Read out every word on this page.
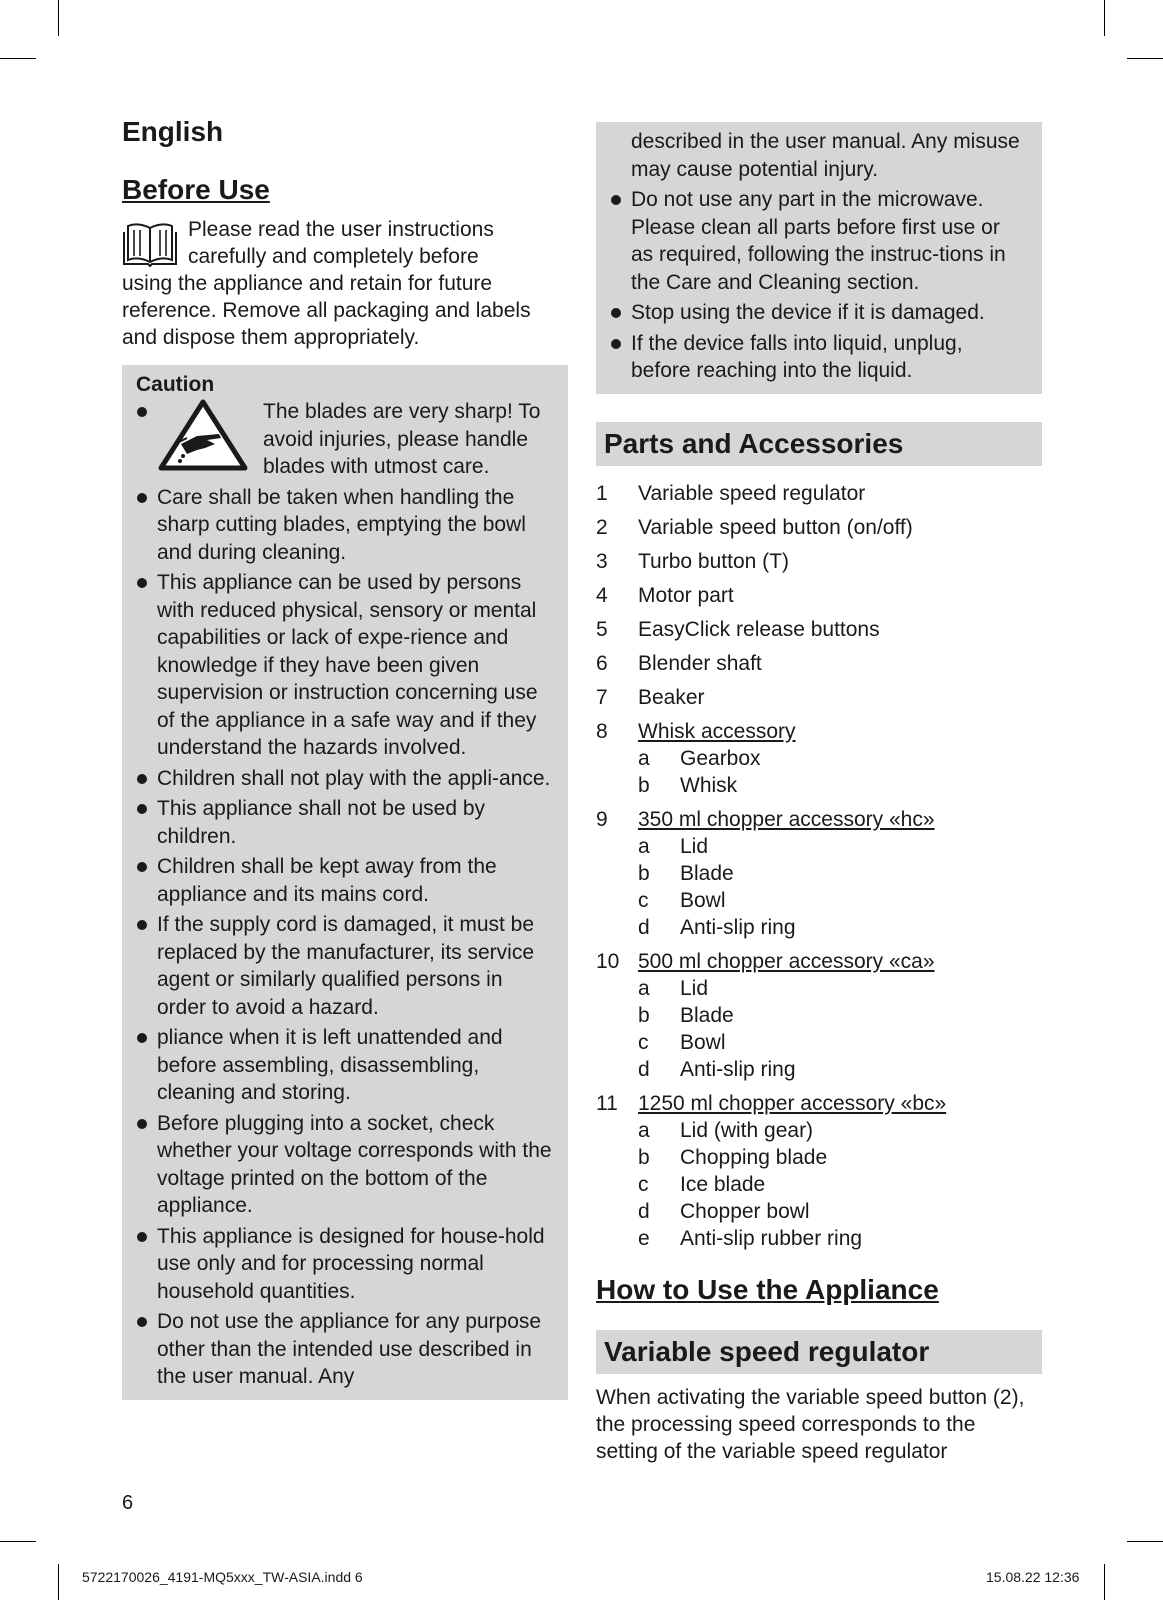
English
Before Use
Please read the user instructions carefully and completely before
using the appliance and retain for future reference. Remove all packaging and labels and dispose them appropriately.
Caution
The blades are very sharp! To avoid injuries, please handle blades with utmost care.
Care shall be taken when handling the sharp cutting blades, emptying the bowl and during cleaning.
This appliance can be used by persons with reduced physical, sensory or mental capabilities or lack of expe-rience and knowledge if they have been given supervision or instruction concerning use of the appliance in a safe way and if they understand the hazards involved.
Children shall not play with the appli-ance.
This appliance shall not be used by children.
Children shall be kept away from the appliance and its mains cord.
If the supply cord is damaged, it must be replaced by the manufacturer, its service agent or similarly qualified persons in order to avoid a hazard.
pliance when it is left unattended and before assembling, disassembling, cleaning and storing.
Before plugging into a socket, check whether your voltage corresponds with the voltage printed on the bottom of the appliance.
This appliance is designed for house-hold use only and for processing normal household quantities.
Do not use the appliance for any purpose other than the intended use described in the user manual. Any
described in the user manual. Any misuse may cause potential injury.
Do not use any part in the microwave. Please clean all parts before first use or as required, following the instruc-tions in the Care and Cleaning section.
Stop using the device if it is damaged.
If the device falls into liquid, unplug, before reaching into the liquid.
Parts and Accessories
1	Variable speed regulator
2	Variable speed button (on/off)
3	Turbo button (T)
4	Motor part
5	EasyClick release buttons
6	Blender shaft
7	Beaker
8	Whisk accessory
a	Gearbox
b	Whisk
9	350 ml chopper accessory «hc»
a	Lid
b	Blade
c	Bowl
d	Anti-slip ring
10 500 ml chopper accessory «ca»
a	Lid
b	Blade
c	Bowl
d	Anti-slip ring
11 1250 ml chopper accessory «bc»
a	Lid (with gear)
b	Chopping blade
c	Ice blade
d	Chopper bowl
e	Anti-slip rubber ring
How to Use the Appliance
Variable speed regulator
When activating the variable speed button (2), the processing speed corresponds to the setting of the variable speed regulator
6
5722170026_4191-MQ5xxx_TW-ASIA.indd 6	15.08.22 12:36
